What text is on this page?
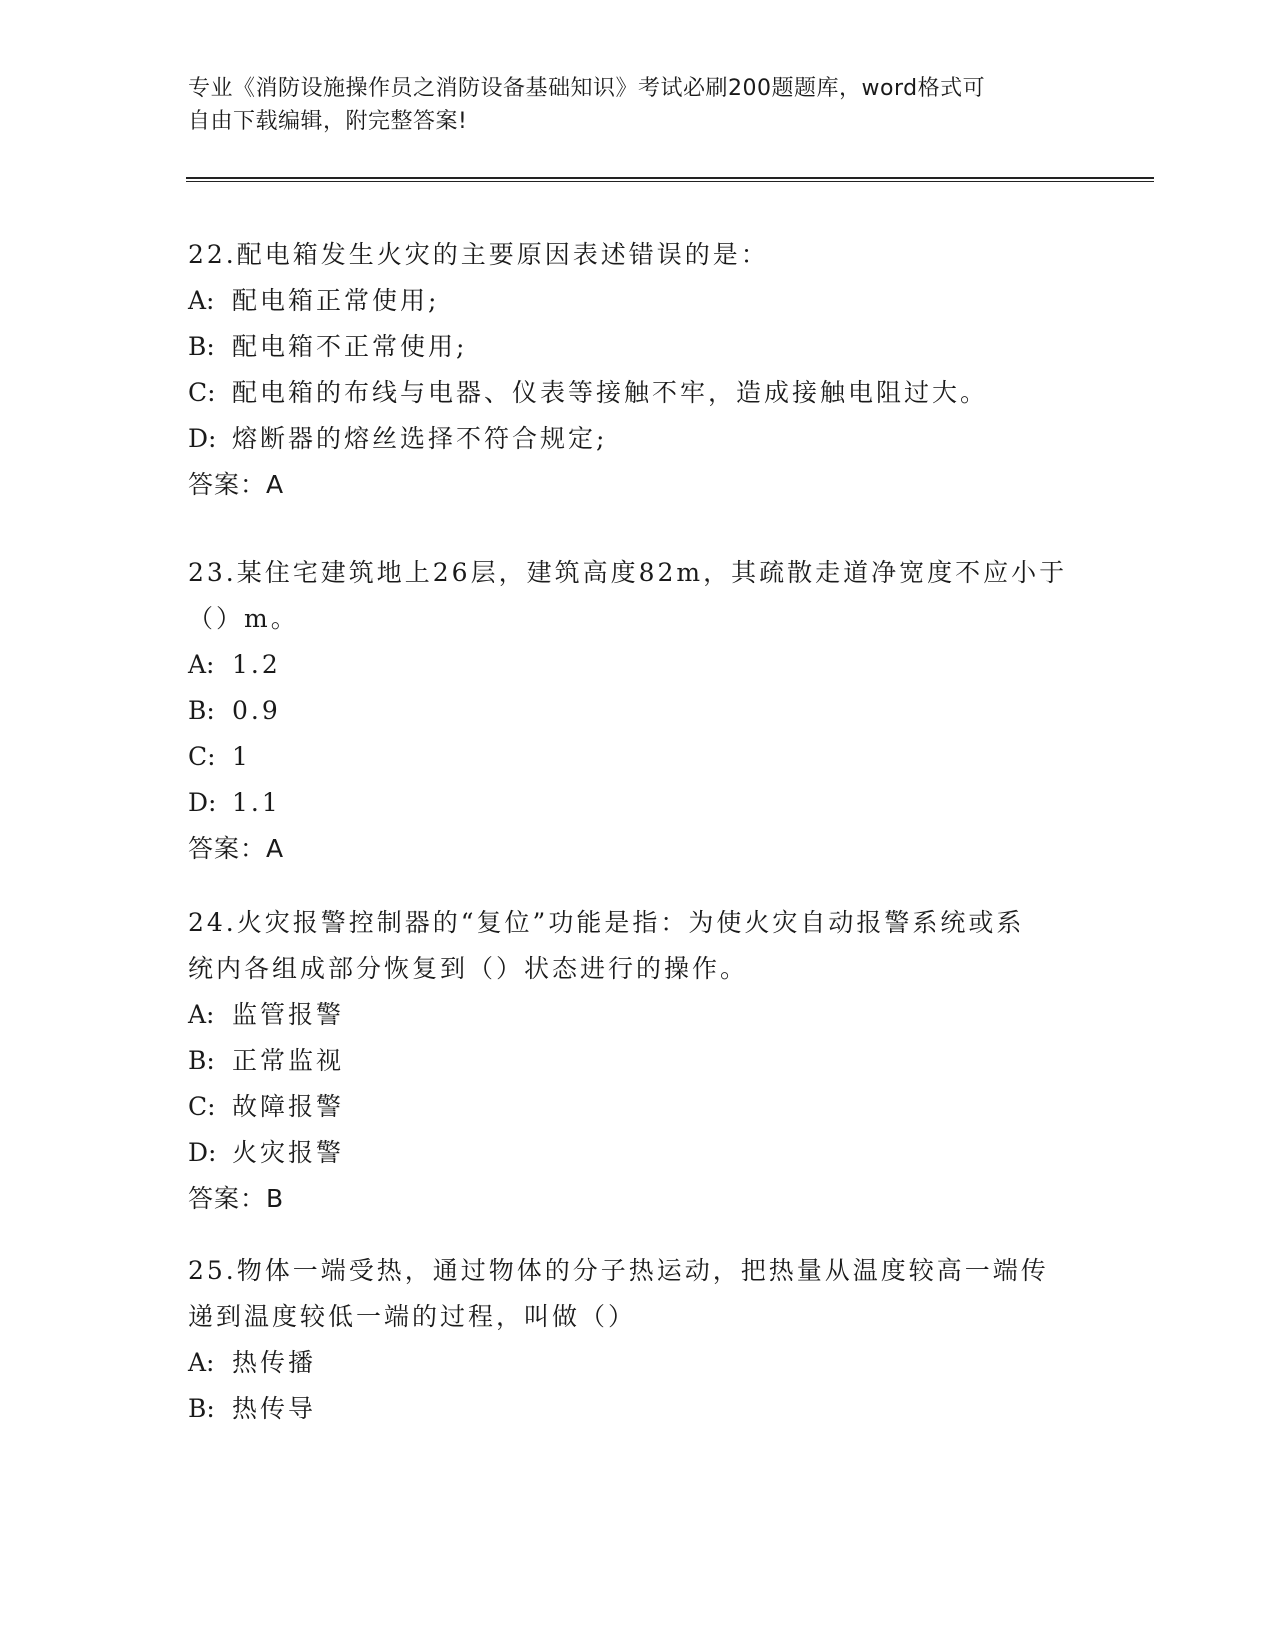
专业《消防设施操作员之消防设备基础知识》考试必刷200题题库，word格式可
自由下载编辑，附完整答案!
22.配电箱发生火灾的主要原因表述错误的是：
A: 配电箱正常使用;
B: 配电箱不正常使用;
C: 配电箱的布线与电器、仪表等接触不牢，造成接触电阻过大。
D: 熔断器的熔丝选择不符合规定;
答案：A
23.某住宅建筑地上26层，建筑高度82m，其疏散走道净宽度不应小于
（）m。
A: 1.2
B: 0.9
C: 1
D: 1.1
答案：A
24.火灾报警控制器的“复位”功能是指：为使火灾自动报警系统或系
统内各组成部分恢复到（）状态进行的操作。
A: 监管报警
B: 正常监视
C: 故障报警
D: 火灾报警
答案：B
25.物体一端受热，通过物体的分子热运动，把热量从温度较高一端传
递到温度较低一端的过程，叫做（）
A: 热传播
B: 热传导
